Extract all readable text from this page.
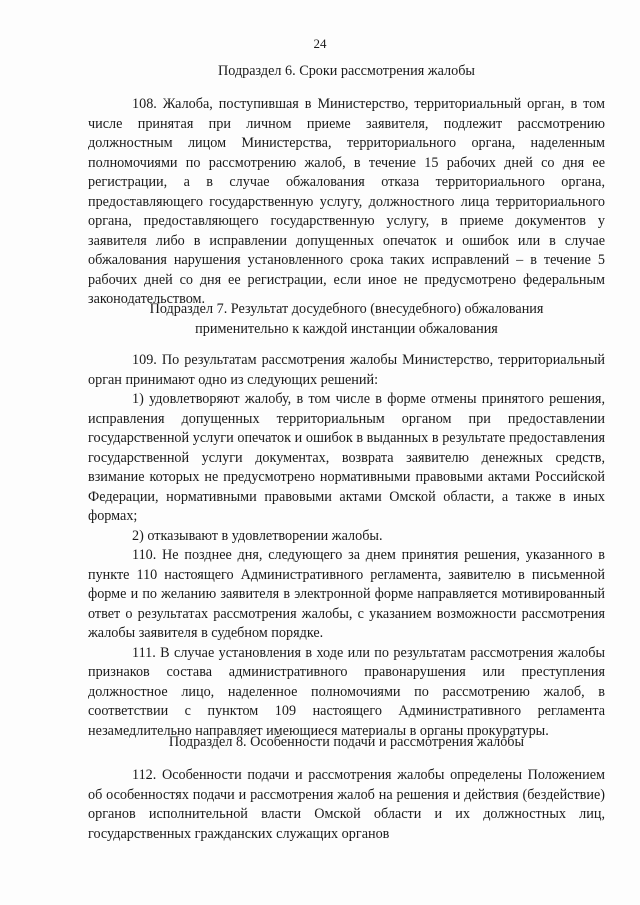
24

Подраздел 6. Сроки рассмотрения жалобы

108. Жалоба, поступившая в Министерство, территориальный орган, в том числе принятая при личном приеме заявителя, подлежит рассмотрению должностным лицом Министерства, территориального органа, наделенным полномочиями по рассмотрению жалоб, в течение 15 рабочих дней со дня ее регистрации, а в случае обжалования отказа территориального органа, предоставляющего государственную услугу, должностного лица территориального органа, предоставляющего государственную услугу, в приеме документов у заявителя либо в исправлении допущенных опечаток и ошибок или в случае обжалования нарушения установленного срока таких исправлений – в течение 5 рабочих дней со дня ее регистрации, если иное не предусмотрено федеральным законодательством.

Подраздел 7. Результат досудебного (внесудебного) обжалования

применительно к каждой инстанции обжалования

109. По результатам рассмотрения жалобы Министерство, территориальный орган принимают одно из следующих решений:

1) удовлетворяют жалобу, в том числе в форме отмены принятого решения, исправления допущенных территориальным органом при предоставлении государственной услуги опечаток и ошибок в выданных в результате предоставления государственной услуги документах, возврата заявителю денежных средств, взимание которых не предусмотрено нормативными правовыми актами Российской Федерации, нормативными правовыми актами Омской области, а также в иных формах;

2) отказывают в удовлетворении жалобы.

110. Не позднее дня, следующего за днем принятия решения, указанного в пункте 110 настоящего Административного регламента, заявителю в письменной форме и по желанию заявителя в электронной форме направляется мотивированный ответ о результатах рассмотрения жалобы, с указанием возможности рассмотрения жалобы заявителя в судебном порядке.

111. В случае установления в ходе или по результатам рассмотрения жалобы признаков состава административного правонарушения или преступления должностное лицо, наделенное полномочиями по рассмотрению жалоб, в соответствии с пунктом 109 настоящего Административного регламента незамедлительно направляет имеющиеся материалы в органы прокуратуры.

Подраздел 8. Особенности подачи и рассмотрения жалобы

112. Особенности подачи и рассмотрения жалобы определены Положением об особенностях подачи и рассмотрения жалоб на решения и действия (бездействие) органов исполнительной власти Омской области и их должностных лиц, государственных гражданских служащих органов
